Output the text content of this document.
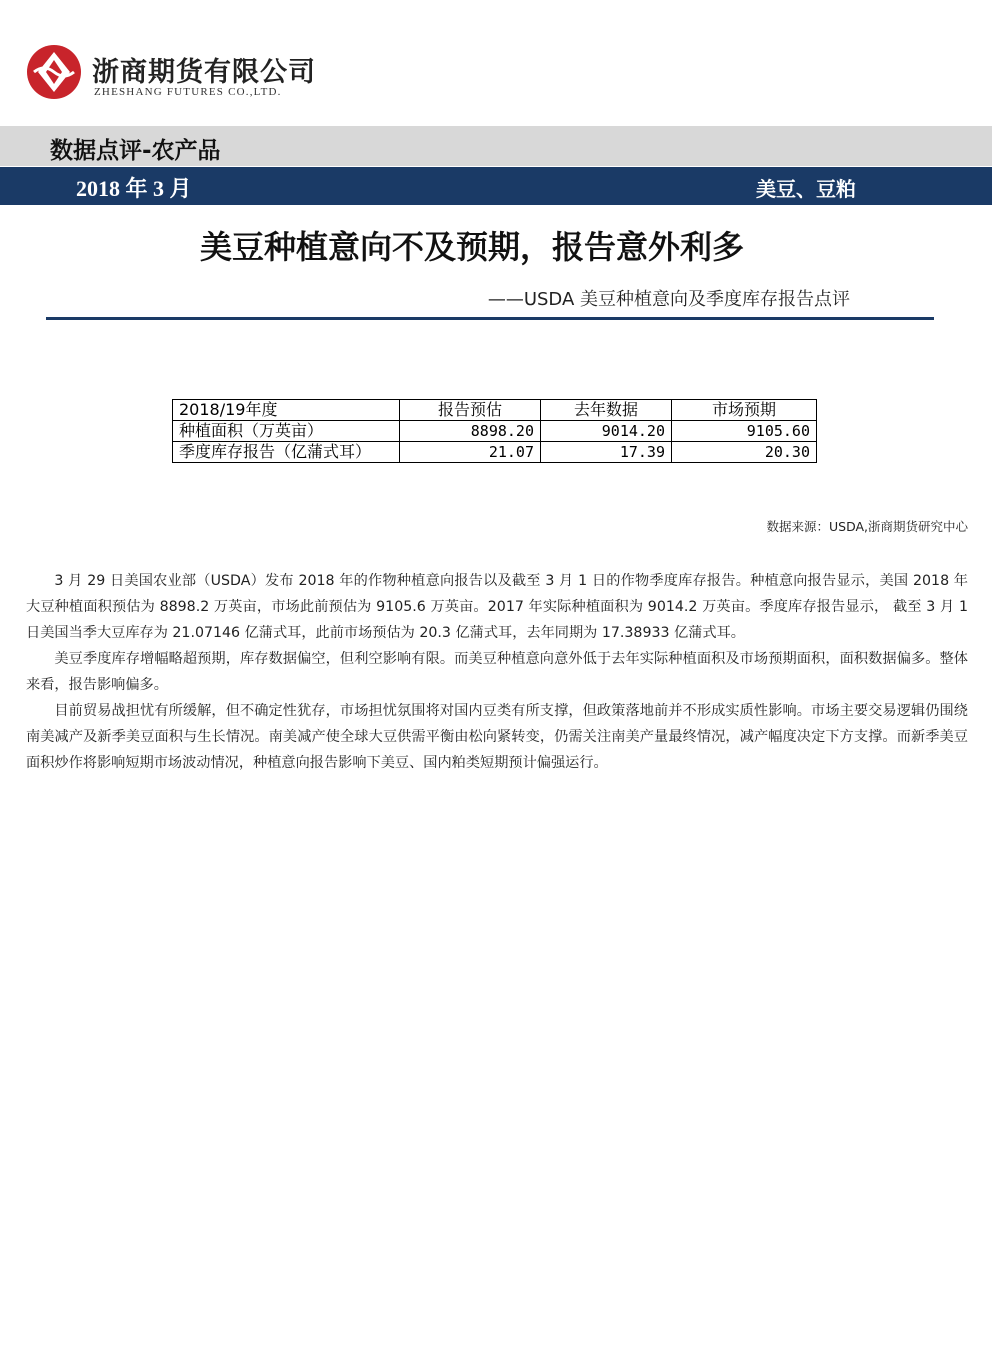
浙商期货有限公司
ZHESHANG FUTURES CO.,LTD.
数据点评-农产品
2018 年 3 月	美豆、豆粕
美豆种植意向不及预期，报告意外利多
——USDA 美豆种植意向及季度库存报告点评
2018/19年度	报告预估	去年数据	市场预期
种植面积（万英亩）	8898.20	9014.20	9105.60
季度库存报告（亿蒲式耳）	21.07	17.39	20.30
数据来源：USDA,浙商期货研究中心

3 月 29 日美国农业部（USDA）发布 2018 年的作物种植意向报告以及截至 3 月 1 日的作物季度库存报告。种植意向报告显示，美国 2018 年大豆种植面积预估为 8898.2 万英亩，市场此前预估为 9105.6 万英亩。2017 年实际种植面积为 9014.2 万英亩。季度库存报告显示， 截至 3 月 1 日美国当季大豆库存为 21.07146 亿蒲式耳，此前市场预估为 20.3 亿蒲式耳，去年同期为 17.38933 亿蒲式耳。

美豆季度库存增幅略超预期，库存数据偏空，但利空影响有限。而美豆种植意向意外低于去年实际种植面积及市场预期面积，面积数据偏多。整体来看，报告影响偏多。

目前贸易战担忧有所缓解，但不确定性犹存，市场担忧氛围将对国内豆类有所支撑，但政策落地前并不形成实质性影响。市场主要交易逻辑仍围绕南美减产及新季美豆面积与生长情况。南美减产使全球大豆供需平衡由松向紧转变，仍需关注南美产量最终情况，减产幅度决定下方支撑。而新季美豆面积炒作将影响短期市场波动情况，种植意向报告影响下美豆、国内粕类短期预计偏强运行。
